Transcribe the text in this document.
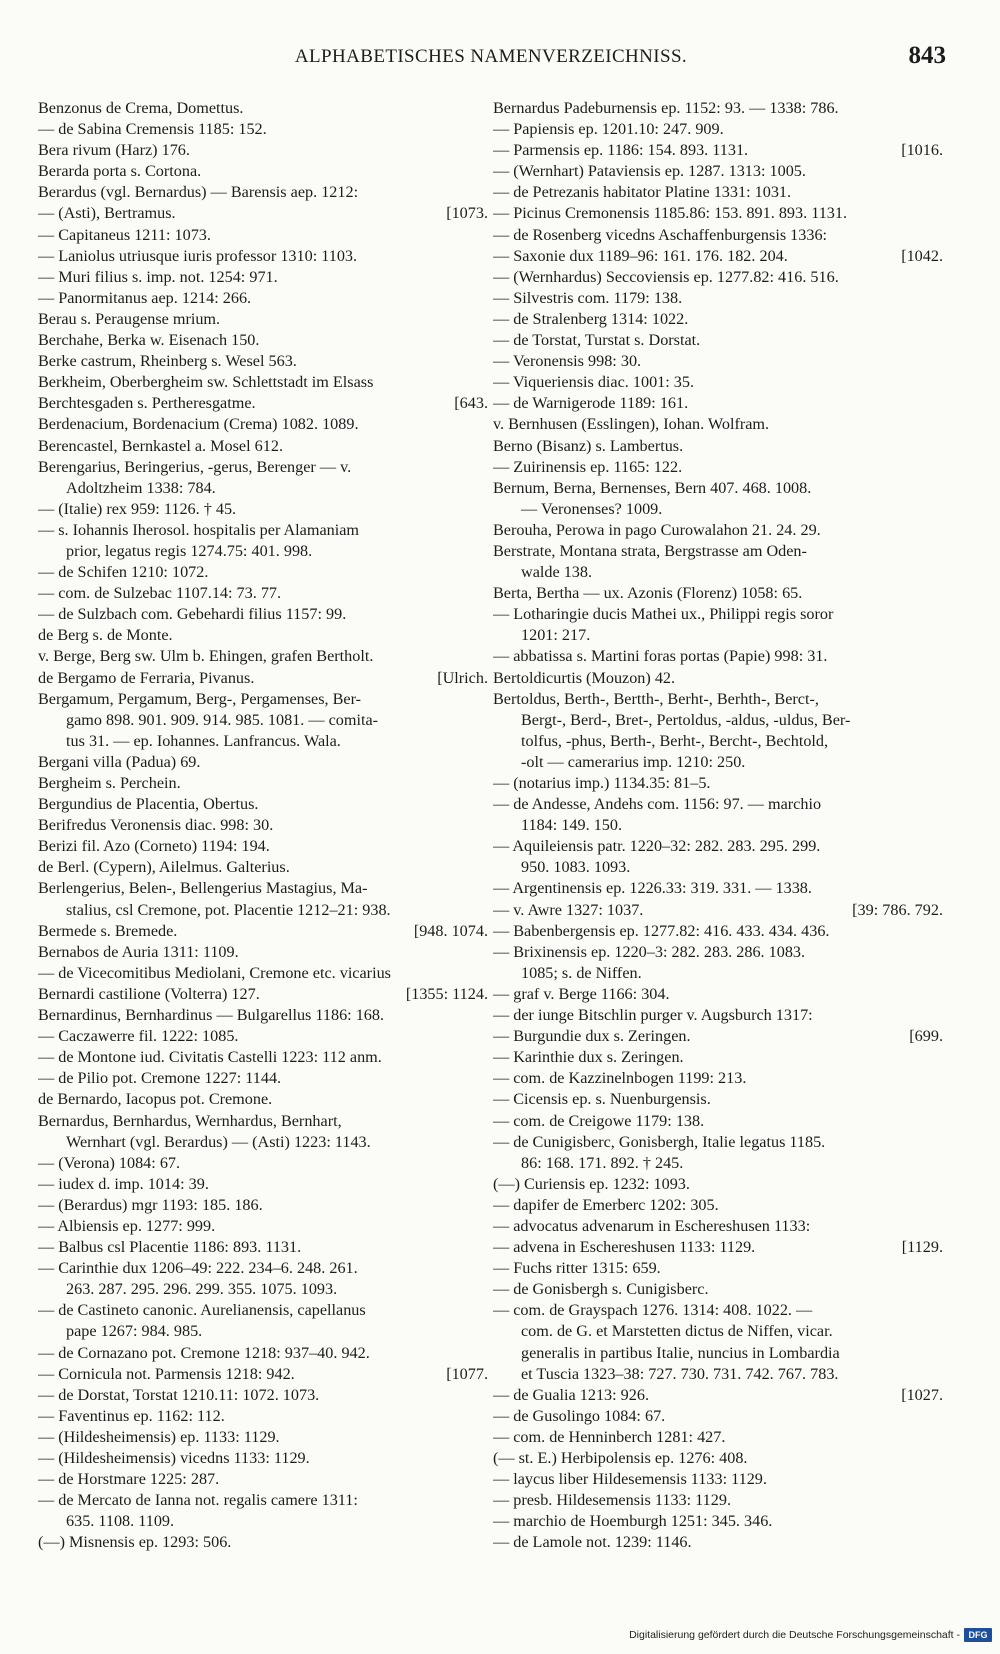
ALPHABETISCHES NAMENVERZEICHNISS.	843
Benzonus de Crema, Domettus.
— de Sabina Cremensis 1185: 152.
Bera rivum (Harz) 176.
Berarda porta s. Cortona.
Berardus (vgl. Bernardus) — Barensis aep. 1212:
— (Asti), Bertramus.	[1073.
— Capitaneus 1211: 1073.
— Laniolus utriusque iuris professor 1310: 1103.
— Muri filius s. imp. not. 1254: 971.
— Panormitanus aep. 1214: 266.
Berau s. Peraugense mrium.
Berchahe, Berka w. Eisenach 150.
Berke castrum, Rheinberg s. Wesel 563.
Berkheim, Oberbergheim sw. Schlettstadt im Elsass
Berchtesgaden s. Pertheresgatme.	[643.
Berdenacium, Bordenacium (Crema) 1082. 1089.
Berencastel, Bernkastel a. Mosel 612.
Berengarius, Beringerius, -gerus, Berenger — v.
Adoltzheim 1338: 784.
— (Italie) rex 959: 1126. † 45.
— s. Iohannis Iherosol. hospitalis per Alamaniam
prior, legatus regis 1274.75: 401. 998.
— de Schifen 1210: 1072.
— com. de Sulzebac 1107.14: 73. 77.
— de Sulzbach com. Gebehardi filius 1157: 99.
de Berg s. de Monte.
v. Berge, Berg sw. Ulm b. Ehingen, grafen Bertholt.
de Bergamo de Ferraria, Pivanus.	[Ulrich.
Bergamum, Pergamum, Berg-, Pergamenses, Ber-
gamo 898. 901. 909. 914. 985. 1081. — comita-
tus 31. — ep. Iohannes. Lanfrancus. Wala.
Bergani villa (Padua) 69.
Bergheim s. Perchein.
Bergundius de Placentia, Obertus.
Berifredus Veronensis diac. 998: 30.
Berizi fil. Azo (Corneto) 1194: 194.
de Berl. (Cypern), Ailelmus. Galterius.
Berlengerius, Belen-, Bellengerius Mastagius, Ma-
stalius, csl Cremone, pot. Placentie 1212–21: 938.
Bermede s. Bremede.	[948. 1074.
Bernabos de Auria 1311: 1109.
— de Vicecomitibus Mediolani, Cremone etc. vicarius
Bernardi castilione (Volterra) 127.	[1355: 1124.
Bernardinus, Bernhardinus — Bulgarellus 1186: 168.
— Caczawerre fil. 1222: 1085.
— de Montone iud. Civitatis Castelli 1223: 112 anm.
— de Pilio pot. Cremone 1227: 1144.
de Bernardo, Iacopus pot. Cremone.
Bernardus, Bernhardus, Wernhardus, Bernhart,
Wernhart (vgl. Berardus) — (Asti) 1223: 1143.
— (Verona) 1084: 67.
— iudex d. imp. 1014: 39.
— (Berardus) mgr 1193: 185. 186.
— Albiensis ep. 1277: 999.
— Balbus csl Placentie 1186: 893. 1131.
— Carinthie dux 1206–49: 222. 234–6. 248. 261.
263. 287. 295. 296. 299. 355. 1075. 1093.
— de Castineto canonic. Aurelianensis, capellanus
pape 1267: 984. 985.
— de Cornazano pot. Cremone 1218: 937–40. 942.
— Cornicula not. Parmensis 1218: 942.	[1077.
— de Dorstat, Torstat 1210.11: 1072. 1073.
— Faventinus ep. 1162: 112.
— (Hildesheimensis) ep. 1133: 1129.
— (Hildesheimensis) vicedns 1133: 1129.
— de Horstmare 1225: 287.
— de Mercato de Ianna not. regalis camere 1311:
635. 1108. 1109.
(—) Misnensis ep. 1293: 506.
Bernardus Padeburnensis ep. 1152: 93. — 1338: 786.
— Papiensis ep. 1201.10: 247. 909.
— Parmensis ep. 1186: 154. 893. 1131.	[1016.
— (Wernhart) Pataviensis ep. 1287. 1313: 1005.
— de Petrezanis habitator Platine 1331: 1031.
— Picinus Cremonensis 1185.86: 153. 891. 893. 1131.
— de Rosenberg vicedns Aschaffenburgensis 1336:
— Saxonie dux 1189–96: 161. 176. 182. 204.	[1042.
— (Wernhardus) Seccoviensis ep. 1277.82: 416. 516.
— Silvestris com. 1179: 138.
— de Stralenberg 1314: 1022.
— de Torstat, Turstat s. Dorstat.
— Veronensis 998: 30.
— Viqueriensis diac. 1001: 35.
— de Warnigerode 1189: 161.
v. Bernhusen (Esslingen), Iohan. Wolfram.
Berno (Bisanz) s. Lambertus.
— Zuirinensis ep. 1165: 122.
Bernum, Berna, Bernenses, Bern 407. 468. 1008.
— Veronenses? 1009.
Berouha, Perowa in pago Curowalahon 21. 24. 29.
Berstrate, Montana strata, Bergstrasse am Oden-
walde 138.
Berta, Bertha — ux. Azonis (Florenz) 1058: 65.
— Lotharingie ducis Mathei ux., Philippi regis soror
1201: 217.
— abbatissa s. Martini foras portas (Papie) 998: 31.
Bertoldicurtis (Mouzon) 42.
Bertoldus, Berth-, Bertth-, Berht-, Berhth-, Berct-,
Bergt-, Berd-, Bret-, Pertoldus, -aldus, -uldus, Ber-
tolfus, -phus, Berth-, Berht-, Bercht-, Bechtold,
-olt — camerarius imp. 1210: 250.
— (notarius imp.) 1134.35: 81–5.
— de Andesse, Andehs com. 1156: 97. — marchio
1184: 149. 150.
— Aquileiensis patr. 1220–32: 282. 283. 295. 299.
950. 1083. 1093.
— Argentinensis ep. 1226.33: 319. 331. — 1338.
— v. Awre 1327: 1037.	[39: 786. 792.
— Babenbergensis ep. 1277.82: 416. 433. 434. 436.
— Brixinensis ep. 1220–3: 282. 283. 286. 1083.
1085; s. de Niffen.
— graf v. Berge 1166: 304.
— der iunge Bitschlin purger v. Augsburch 1317:
— Burgundie dux s. Zeringen.	[699.
— Karinthie dux s. Zeringen.
— com. de Kazzinelnbogen 1199: 213.
— Cicensis ep. s. Nuenburgensis.
— com. de Creigowe 1179: 138.
— de Cunigisberc, Gonisbergh, Italie legatus 1185.
86: 168. 171. 892. † 245.
(—) Curiensis ep. 1232: 1093.
— dapifer de Emerberc 1202: 305.
— advocatus advenarum in Eschereshusen 1133:
— advena in Eschereshusen 1133: 1129.	[1129.
— Fuchs ritter 1315: 659.
— de Gonisbergh s. Cunigisberc.
— com. de Grayspach 1276. 1314: 408. 1022. —
com. de G. et Marstetten dictus de Niffen, vicar.
generalis in partibus Italie, nuncius in Lombardia
et Tuscia 1323–38: 727. 730. 731. 742. 767. 783.
— de Gualia 1213: 926.	[1027.
— de Gusolingo 1084: 67.
— com. de Henninberch 1281: 427.
(— st. E.) Herbipolensis ep. 1276: 408.
— laycus liber Hildesemensis 1133: 1129.
— presb. Hildesemensis 1133: 1129.
— marchio de Hoemburgh 1251: 345. 346.
— de Lamole not. 1239: 1146.
Digitalisierung gefördert durch die Deutsche Forschungsgemeinschaft - DFG
